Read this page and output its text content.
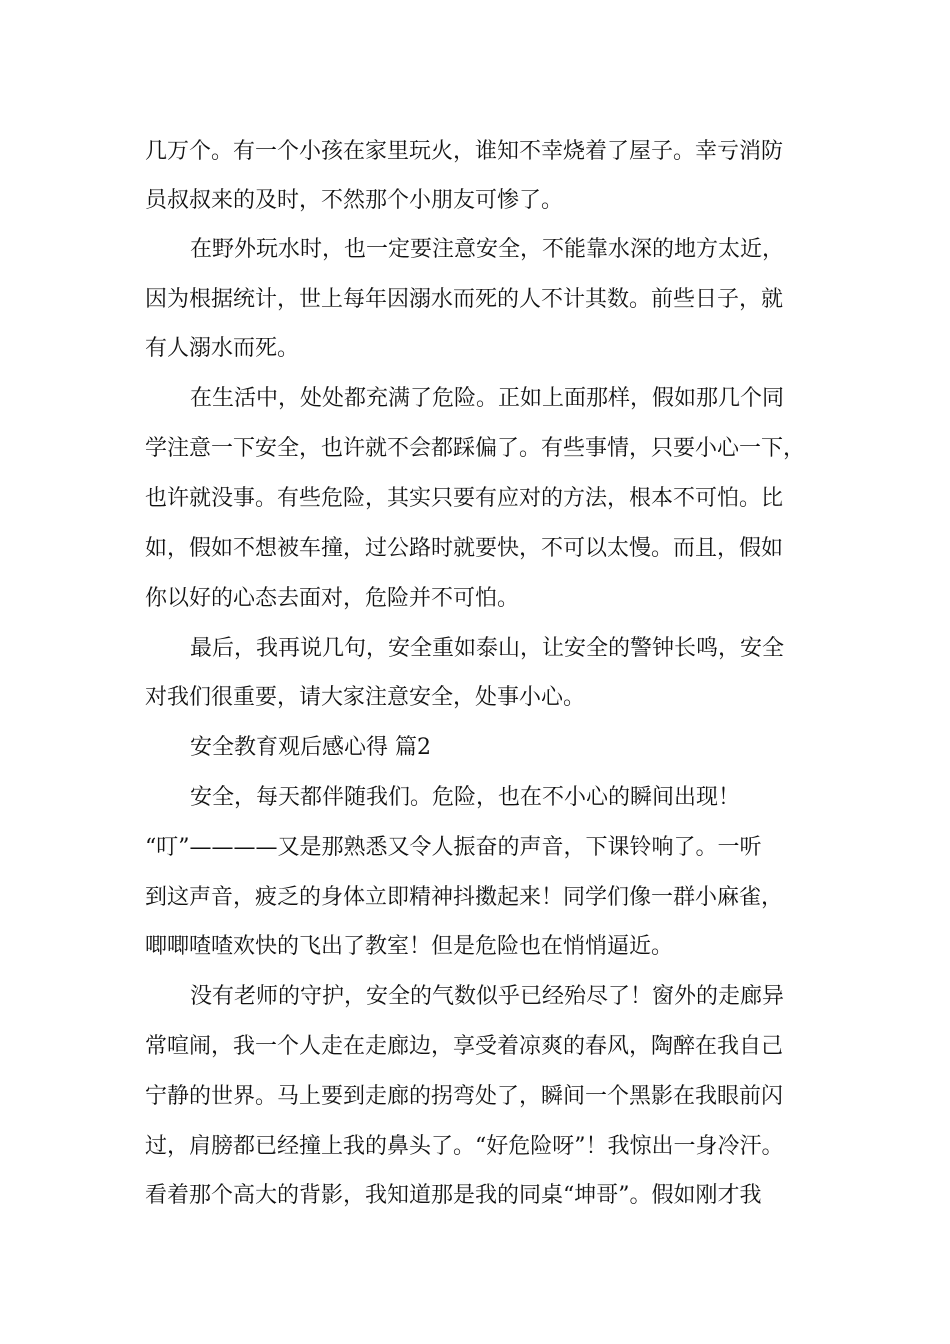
几万个。有一个小孩在家里玩火，谁知不幸烧着了屋子。幸亏消防

员叔叔来的及时，不然那个小朋友可惨了。

在野外玩水时，也一定要注意安全，不能靠水深的地方太近，

因为根据统计，世上每年因溺水而死的人不计其数。前些日子，就

有人溺水而死。

在生活中，处处都充满了危险。正如上面那样，假如那几个同

学注意一下安全，也许就不会都踩偏了。有些事情，只要小心一下，

也许就没事。有些危险，其实只要有应对的方法，根本不可怕。比

如，假如不想被车撞，过公路时就要快，不可以太慢。而且，假如

你以好的心态去面对，危险并不可怕。

最后，我再说几句，安全重如泰山，让安全的警钟长鸣，安全

对我们很重要，请大家注意安全，处事小心。

安全教育观后感心得 篇2

安全，每天都伴随我们。危险，也在不小心的瞬间出现！

“叮”————又是那熟悉又令人振奋的声音，下课铃响了。一听

到这声音，疲乏的身体立即精神抖擞起来！同学们像一群小麻雀，

唧唧喳喳欢快的飞出了教室！但是危险也在悄悄逼近。

没有老师的守护，安全的气数似乎已经殆尽了！窗外的走廊异

常喧闹，我一个人走在走廊边，享受着凉爽的春风，陶醉在我自己

宁静的世界。马上要到走廊的拐弯处了，瞬间一个黑影在我眼前闪

过，肩膀都已经撞上我的鼻头了。“好危险呀”！我惊出一身冷汗。

看着那个高大的背影，我知道那是我的同桌“坤哥”。假如刚才我
